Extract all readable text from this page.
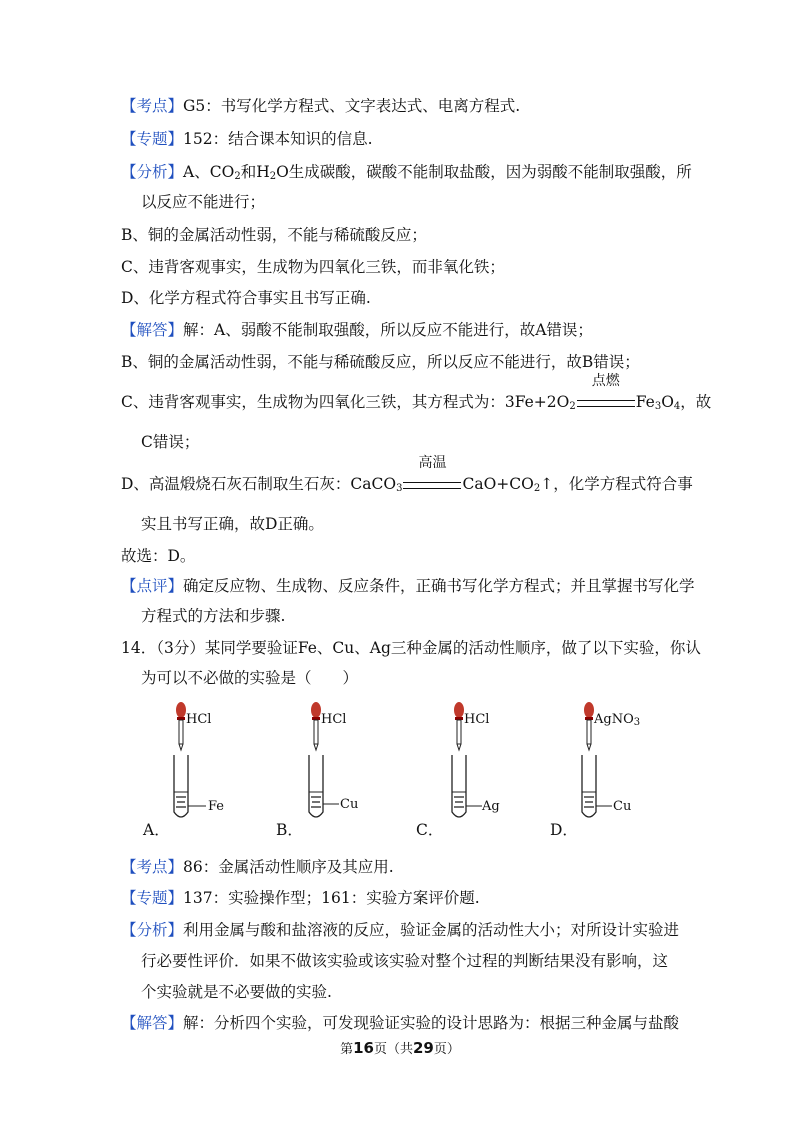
【考点】G5：书写化学方程式、文字表达式、电离方程式.
【专题】152：结合课本知识的信息.
【分析】A、$CO_2$和$H_2O$生成碳酸，碳酸不能制取盐酸，因为弱酸不能制取强酸，所
以反应不能进行；
B、铜的金属活动性弱，不能与稀硫酸反应；
C、违背客观事实，生成物为四氧化三铁，而非氧化铁；
D、化学方程式符合事实且书写正确.
【解答】解：A、弱酸不能制取强酸，所以反应不能进行，故A错误；
B、铜的金属活动性弱，不能与稀硫酸反应，所以反应不能进行，故B错误；
C、违背客观事实，生成物为四氧化三铁，其方程式为：$3Fe+2O_2$
点燃
$Fe_3O_4$，故
C错误；
D、高温煅烧石灰石制取生石灰：CaCO$_3$
高温
$CaO+CO_2↑$，化学方程式符合事
实且书写正确，故D正确。
故选：D。
【点评】确定反应物、生成物、反应条件，正确书写化学方程式；并且掌握书写化学
方程式的方法和步骤.
14．（3分）某同学要验证Fe、Cu、Ag三种金属的活动性顺序，做了以下实验，你认
为可以不必做的实验是（　　）
HCl
Fe
A．
HCl
Cu
B．
HCl
Ag
C．
AgNO$_3$
Cu
D．
【考点】86：金属活动性顺序及其应用.
【专题】137：实验操作型；161：实验方案评价题.
【分析】利用金属与酸和盐溶液的反应，验证金属的活动性大小；对所设计实验进
行必要性评价．如果不做该实验或该实验对整个过程的判断结果没有影响，这
个实验就是不必要做的实验.
【解答】解：分析四个实验，可发现验证实验的设计思路为：根据三种金属与盐酸
第16页（共29页）
